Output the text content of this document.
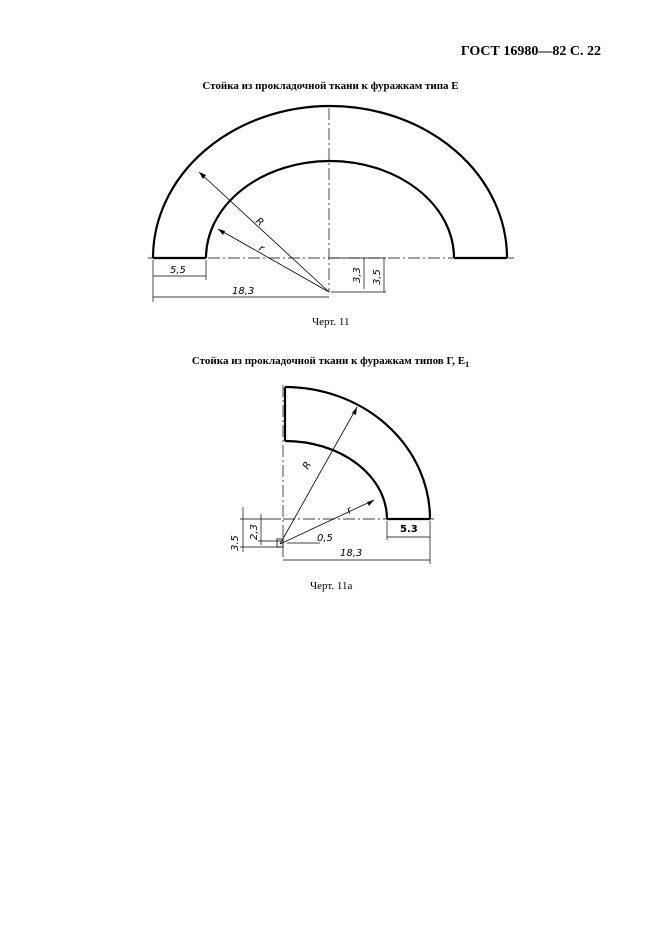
ГОСТ 16980—82 С. 22
Стойка из прокладочной ткани к фуражкам типа Е
Стойка из прокладочной ткани к фуражкам типов Г, $Е_1$
R
r
5,5
18,3
3,3 3,5
R
r
5.3
18,3
3.5
2,3	0,5
Черт. 11
Черт. 11а
